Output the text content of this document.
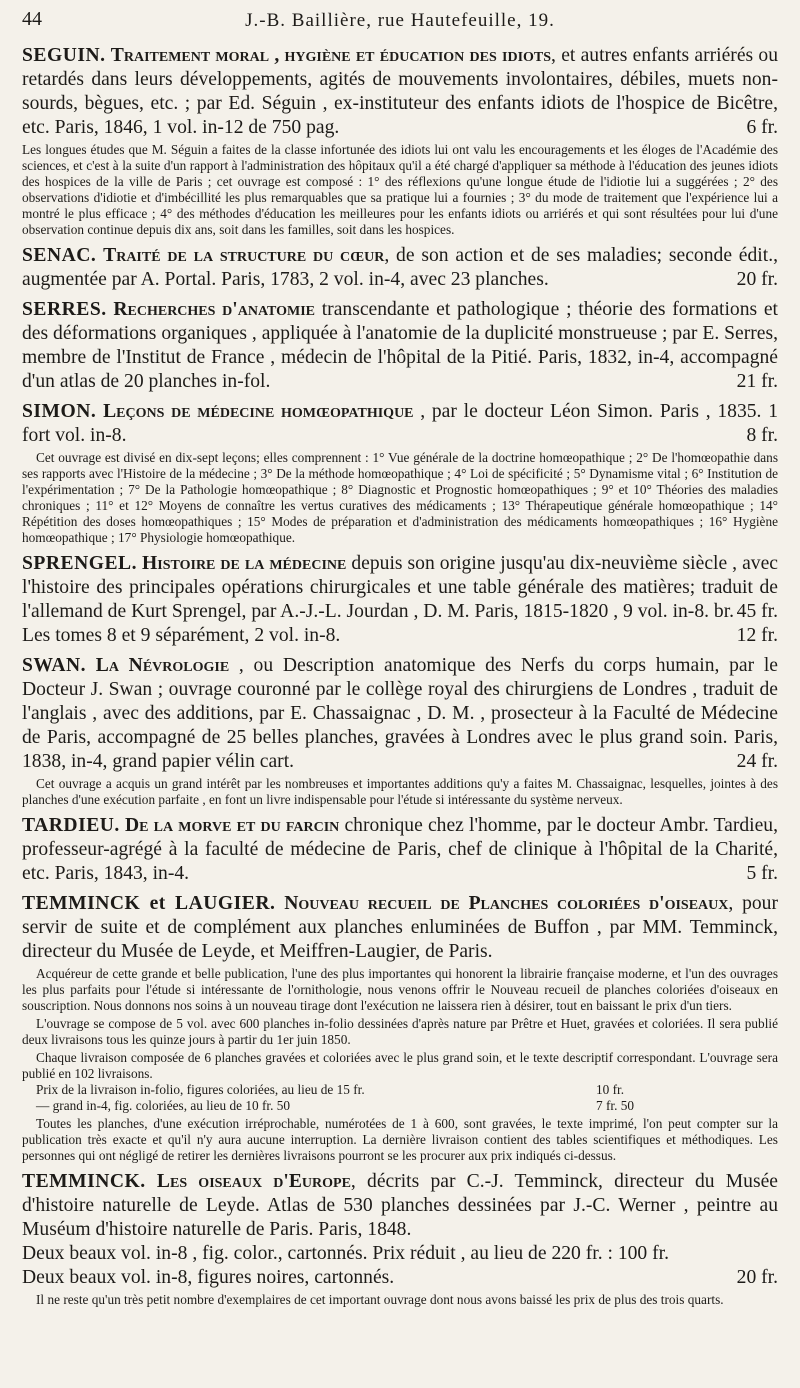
44	J.-B. Baillière, rue Hautefeuille, 19.

SEGUIN. Traitement moral , hygiène et éducation des idiots, et autres enfants arriérés ou retardés dans leurs développements, agités de mouvements involontaires, débiles, muets non-sourds, bègues, etc. ; par Ed. Séguin , ex-instituteur des enfants idiots de l'hospice de Bicêtre, etc. Paris, 1846, 1 vol. in-12 de 750 pag.	6 fr.

Les longues études que M. Séguin a faites de la classe infortunée des idiots lui ont valu les encouragements et les éloges de l'Académie des sciences, et c'est à la suite d'un rapport à l'administration des hôpitaux qu'il a été chargé d'appliquer sa méthode à l'éducation des jeunes idiots des hospices de la ville de Paris ; cet ouvrage est composé : 1° des réflexions qu'une longue étude de l'idiotie lui a suggérées ; 2° des observations d'idiotie et d'imbécillité les plus remarquables que sa pratique lui a fournies ; 3° du mode de traitement que l'expérience lui a montré le plus efficace ; 4° des méthodes d'éducation les meilleures pour les enfants idiots ou arriérés et qui sont résultées pour lui d'une observation continue depuis dix ans, soit dans les familles, soit dans les hospices.

SENAC. Traité de la structure du cœur, de son action et de ses maladies; seconde édit., augmentée par A. Portal. Paris, 1783, 2 vol. in-4, avec 23 planches.	20 fr.

SERRES. Recherches d'anatomie transcendante et pathologique ; théorie des formations et des déformations organiques , appliquée à l'anatomie de la duplicité monstrueuse ; par E. Serres, membre de l'Institut de France , médecin de l'hôpital de la Pitié. Paris, 1832, in-4, accompagné d'un atlas de 20 planches in-fol.	21 fr.

SIMON. Leçons de médecine homœopathique , par le docteur Léon Simon. Paris , 1835. 1 fort vol. in-8.	8 fr.

Cet ouvrage est divisé en dix-sept leçons; elles comprennent : 1° Vue générale de la doctrine homœopathique ; 2° De l'homœopathie dans ses rapports avec l'Histoire de la médecine ; 3° De la méthode homœopathique ; 4° Loi de spécificité ; 5° Dynamisme vital ; 6° Institution de l'expérimentation ; 7° De la Pathologie homœopathique ; 8° Diagnostic et Prognostic homœopathiques ; 9° et 10° Théories des maladies chroniques ; 11° et 12° Moyens de connaître les vertus curatives des médicaments ; 13° Thérapeutique générale homœopathique ; 14° Répétition des doses homœopathiques ; 15° Modes de préparation et d'administration des médicaments homœopathiques ; 16° Hygiène homœopathique ; 17° Physiologie homœopathique.

SPRENGEL. Histoire de la médecine depuis son origine jusqu'au dix-neuvième siècle , avec l'histoire des principales opérations chirurgicales et une table générale des matières; traduit de l'allemand de Kurt Sprengel, par A.-J.-L. Jourdan , D. M. Paris, 1815-1820 , 9 vol. in-8. br. 45 fr.

Les tomes 8 et 9 séparément, 2 vol. in-8.	12 fr.

SWAN. La Névrologie , ou Description anatomique des Nerfs du corps humain, par le Docteur J. Swan ; ouvrage couronné par le collège royal des chirurgiens de Londres , traduit de l'anglais , avec des additions, par E. Chassaignac , D. M. , prosecteur à la Faculté de Médecine de Paris, accompagné de 25 belles planches, gravées à Londres avec le plus grand soin. Paris, 1838, in-4, grand papier vélin cart.	24 fr.

Cet ouvrage a acquis un grand intérêt par les nombreuses et importantes additions qu'y a faites M. Chassaignac, lesquelles, jointes à des planches d'une exécution parfaite , en font un livre indispensable pour l'étude si intéressante du système nerveux.

TARDIEU. De la morve et du farcin chronique chez l'homme, par le docteur Ambr. Tardieu, professeur-agrégé à la faculté de médecine de Paris, chef de clinique à l'hôpital de la Charité, etc. Paris, 1843, in-4.	5 fr.

TEMMINCK et LAUGIER. Nouveau recueil de Planches coloriées d'oiseaux, pour servir de suite et de complément aux planches enluminées de Buffon , par MM. Temminck, directeur du Musée de Leyde, et Meiffren-Laugier, de Paris.

Acquéreur de cette grande et belle publication, l'une des plus importantes qui honorent la librairie française moderne, et l'un des ouvrages les plus parfaits pour l'étude si intéressante de l'ornithologie, nous venons offrir le Nouveau recueil de planches coloriées d'oiseaux en souscription. Nous donnons nos soins à un nouveau tirage dont l'exécution ne laissera rien à désirer, tout en baissant le prix d'un tiers.

L'ouvrage se compose de 5 vol. avec 600 planches in-folio dessinées d'après nature par Prêtre et Huet, gravées et coloriées. Il sera publié deux livraisons tous les quinze jours à partir du 1er juin 1850.

Chaque livraison composée de 6 planches gravées et coloriées avec le plus grand soin, et le texte descriptif correspondant. L'ouvrage sera publié en 102 livraisons.

Prix de la livraison in-folio, figures coloriées, au lieu de 15 fr.	10 fr.
— grand in-4, fig. coloriées, au lieu de 10 fr. 50	7 fr. 50

Toutes les planches, d'une exécution irréprochable, numérotées de 1 à 600, sont gravées, le texte imprimé, l'on peut compter sur la publication très exacte et qu'il n'y aura aucune interruption. La dernière livraison contient des tables scientifiques et méthodiques. Les personnes qui ont négligé de retirer les dernières livraisons pourront se les procurer aux prix indiqués ci-dessus.

TEMMINCK. Les oiseaux d'Europe, décrits par C.-J. Temminck, directeur du Musée d'histoire naturelle de Leyde. Atlas de 530 planches dessinées par J.-C. Werner , peintre au Muséum d'histoire naturelle de Paris. Paris, 1848.

Deux beaux vol. in-8 , fig. color., cartonnés. Prix réduit , au lieu de 220 fr. : 100 fr.

Deux beaux vol. in-8, figures noires, cartonnés.	20 fr.

Il ne reste qu'un très petit nombre d'exemplaires de cet important ouvrage dont nous avons baissé les prix de plus des trois quarts.
